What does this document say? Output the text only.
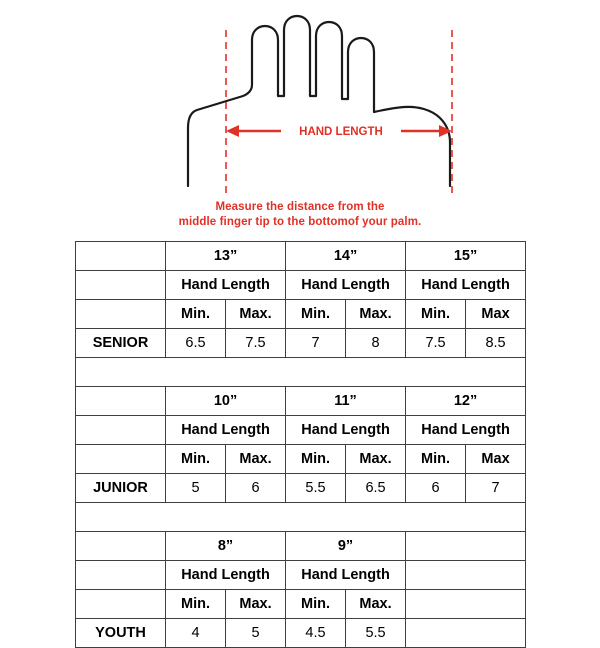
HAND LENGTH
Measure the distance from the
middle finger tip to the bottomof your palm.
	13”		14”		15”	
	Hand Length		Hand Length		Hand Length	
	Min.	Max.	Min.	Max.	Min.	Max
SENIOR	6.5	7.5	7	8	7.5	8.5

	10”		11”		12”	
	Hand Length		Hand Length		Hand Length	
	Min.	Max.	Min.	Max.	Min.	Max
JUNIOR	5	6	5.5	6.5	6	7

	8”		9”			
	Hand Length		Hand Length			
	Min.	Max.	Min.	Max.		
YOUTH	4	5	4.5	5.5		
